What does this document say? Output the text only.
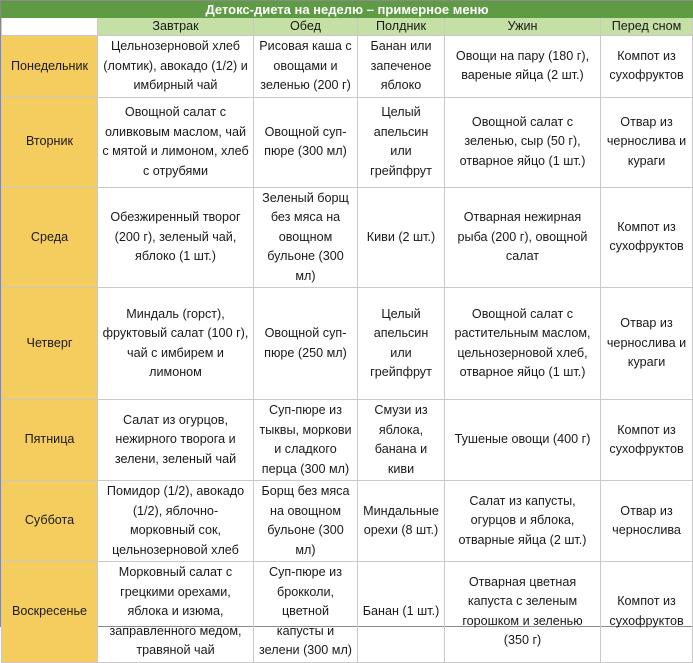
Детокс-диета на неделю – примерное меню					
	Завтрак	Обед	Полдник	Ужин	Перед сном
Понедельник	Цельнозерновой хлеб (ломтик), авокадо (1/2) и имбирный чай	Рисовая каша с овощами и зеленью (200 г)	Банан или запеченое яблоко	Овощи на пару (180 г), вареные яйца (2 шт.)	Компот из сухофруктов
Вторник	Овощной салат с оливковым маслом, чай с мятой и лимоном, хлеб с отрубями	Овощной суп-пюре (300 мл)	Целый апельсин или грейпфрут	Овощной салат с зеленью, сыр (50 г), отварное яйцо (1 шт.)	Отвар из чернослива и кураги
Среда	Обезжиренный творог (200 г), зеленый чай, яблоко (1 шт.)	Зеленый борщ без мяса на овощном бульоне (300 мл)	Киви (2 шт.)	Отварная нежирная рыба (200 г), овощной салат	Компот из сухофруктов
Четверг	Миндаль (горст), фруктовый салат (100 г), чай с имбирем и лимоном	Овощной суп-пюре (250 мл)	Целый апельсин или грейпфрут	Овощной салат с растительным маслом, цельнозерновой хлеб, отварное яйцо (1 шт.)	Отвар из чернослива и кураги
Пятница	Салат из огурцов, нежирного творога и зелени, зеленый чай	Суп-пюре из тыквы, моркови и сладкого перца (300 мл)	Смузи из яблока, банана и киви	Тушеные овощи (400 г)	Компот из сухофруктов
Суббота	Помидор (1/2), авокадо (1/2), яблочно-морковный сок, цельнозерновой хлеб	Борщ без мяса на овощном бульоне (300 мл)	Миндальные орехи (8 шт.)	Салат из капусты, огурцов и яблока, отварные яйца (2 шт.)	Отвар из чернослива
Воскресенье	Морковный салат с грецкими орехами, яблока и изюма, заправленного медом, травяной чай	Суп-пюре из брокколи, цветной капусты и зелени (300 мл)	Банан (1 шт.)	Отварная цветная капуста с зеленым горошком и зеленью (350 г)	Компот из сухофруктов
